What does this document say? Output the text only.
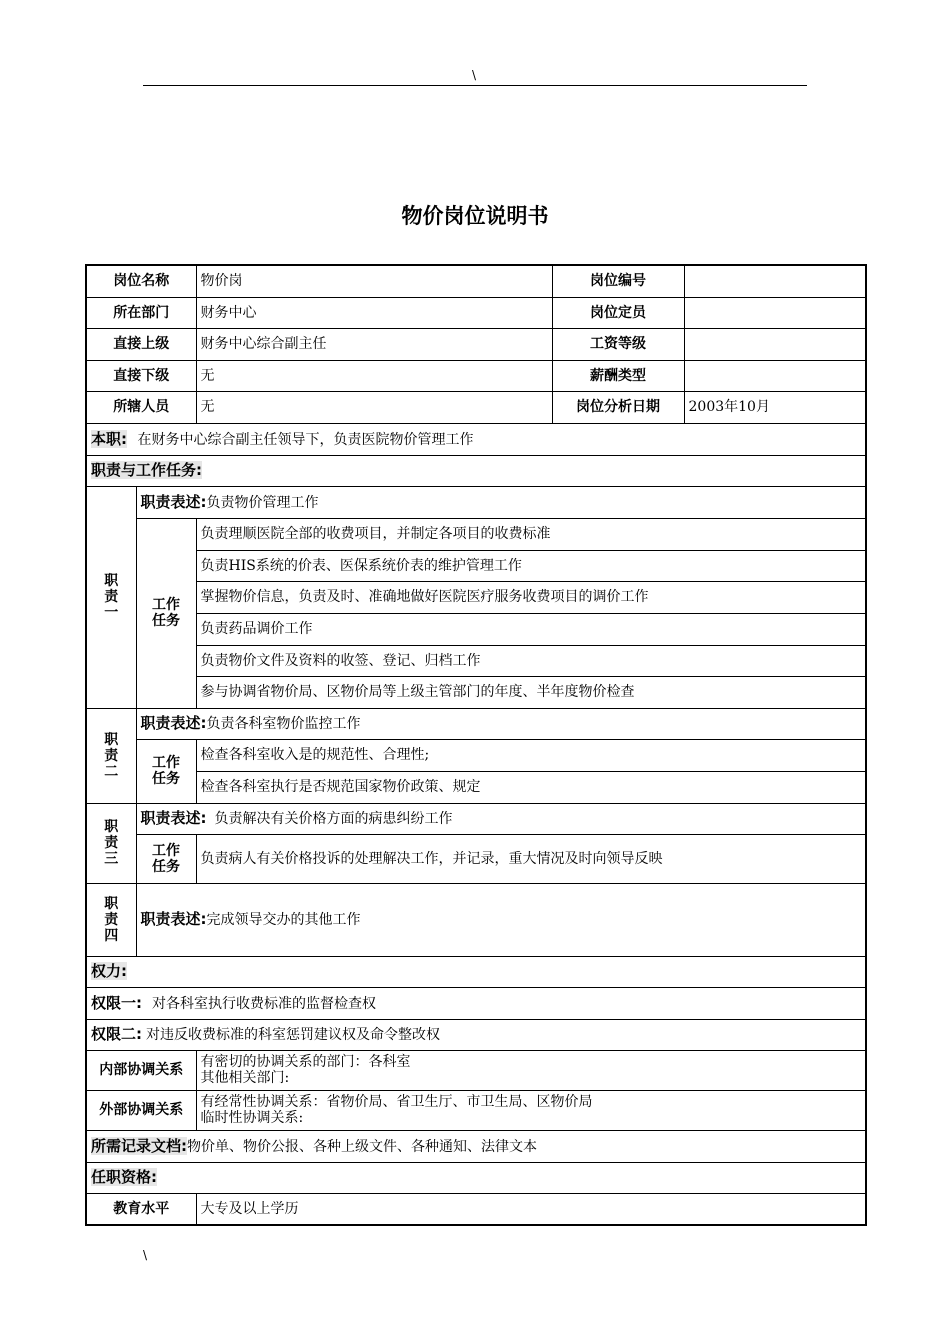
\
物价岗位说明书
岗位名称		物价岗	岗位编号	
所在部门		财务中心	岗位定员	
直接上级		财务中心综合副主任	工资等级	
直接下级		无	薪酬类型	
所辖人员		无	岗位分析日期	2003年10月
本职: 在财务中心综合副主任领导下，负责医院物价管理工作				
职责与工作任务:				

职
责
一	职责表述:负责物价管理工作			

	工作
任务	负责理顺医院全部的收费项目，并制定各项目的收费标准		
		负责HIS系统的价表、医保系统价表的维护管理工作		
		掌握物价信息，负责及时、准确地做好医院医疗服务收费项目的调价工作		
		负责药品调价工作		
		负责物价文件及资料的收签、登记、归档工作		
		参与协调省物价局、区物价局等上级主管部门的年度、半年度物价检查		

职
责
二	职责表述:负责各科室物价监控工作			

	工作
任务	检查各科室收入是的规范性、合理性;		
		检查各科室执行是否规范国家物价政策、规定		

职
责
三	职责表述: 负责解决有关价格方面的病患纠纷工作			

	工作
任务	负责病人有关价格投诉的处理解决工作，并记录，重大情况及时向领导反映		

职
责
四	职责表述:完成领导交办的其他工作			
权力:				
权限一: 对各科室执行收费标准的监督检查权				
权限二: 对违反收费标准的科室惩罚建议权及命令整改权				
内部协调关系		有密切的协调关系的部门：各科室
其他相关部门:		

外部协调关系		有经常性协调关系：省物价局、省卫生厅、市卫生局、区物价局
临时性协调关系:		

所需记录文档:物价单、物价公报、各种上级文件、各种通知、法律文本				
任职资格:				
教育水平		大专及以上学历		
\
